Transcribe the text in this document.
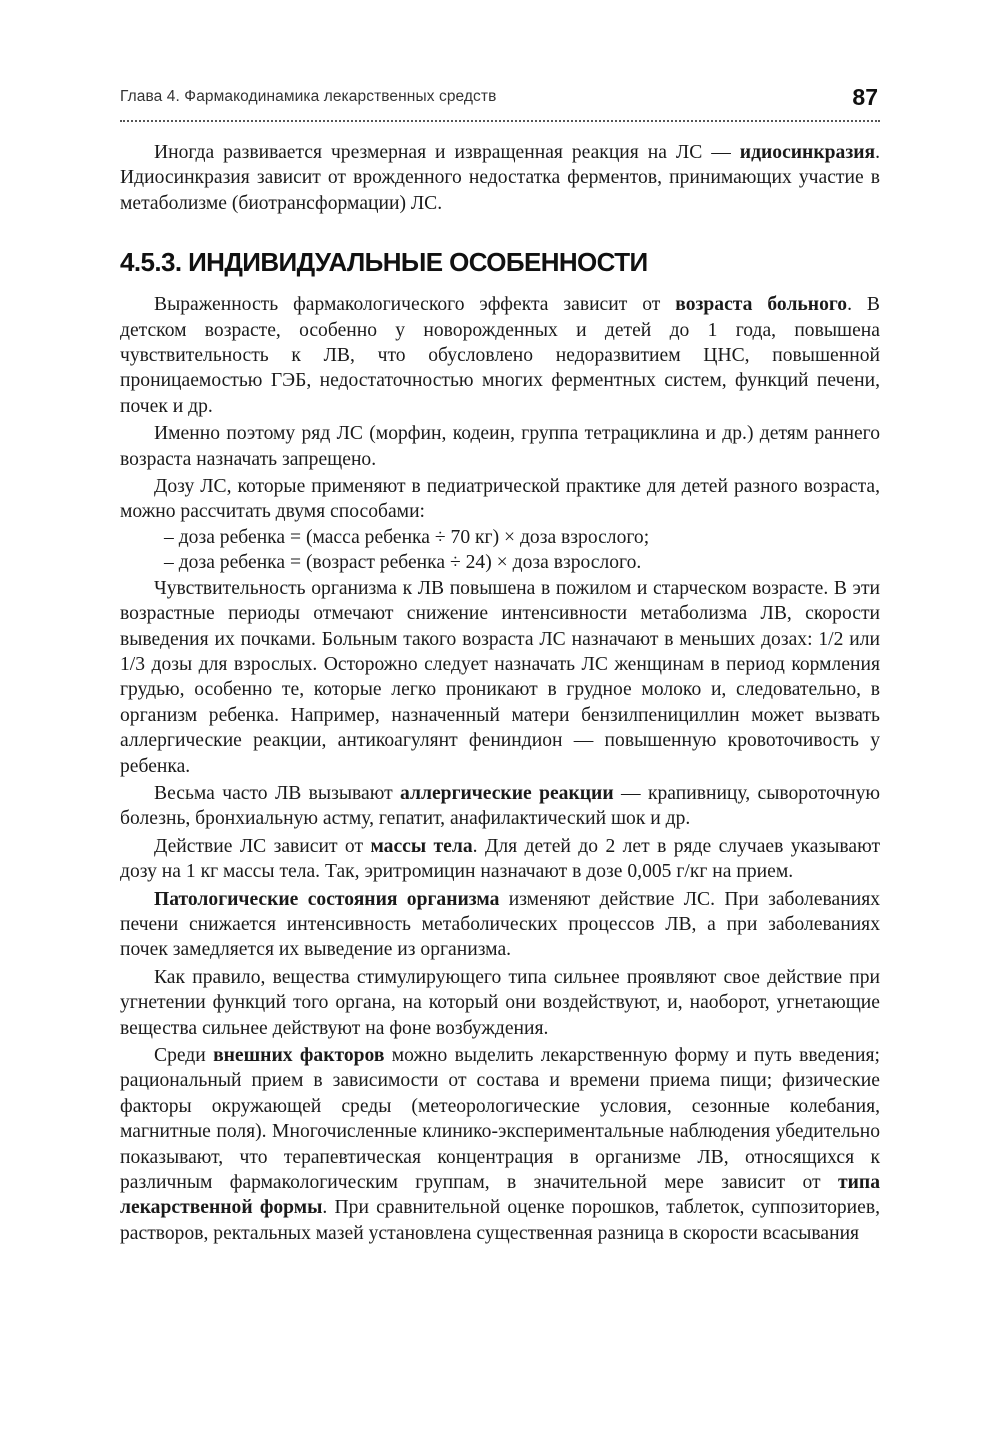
Глава 4. Фармакодинамика лекарственных средств	87

Иногда развивается чрезмерная и извращенная реакция на ЛС — идиосинкразия. Идиосинкразия зависит от врожденного недостатка ферментов, принимающих участие в метаболизме (биотрансформации) ЛС.

4.5.3. ИНДИВИДУАЛЬНЫЕ ОСОБЕННОСТИ

Выраженность фармакологического эффекта зависит от возраста больного. В детском возрасте, особенно у новорожденных и детей до 1 года, повышена чувствительность к ЛВ, что обусловлено недоразвитием ЦНС, повышенной проницаемостью ГЭБ, недостаточностью многих ферментных систем, функций печени, почек и др.

Именно поэтому ряд ЛС (морфин, кодеин, группа тетрациклина и др.) детям раннего возраста назначать запрещено.

Дозу ЛС, которые применяют в педиатрической практике для детей разного возраста, можно рассчитать двумя способами:

– доза ребенка = (масса ребенка ÷ 70 кг) × доза взрослого;

– доза ребенка = (возраст ребенка ÷ 24) × доза взрослого.

Чувствительность организма к ЛВ повышена в пожилом и старческом возрасте. В эти возрастные периоды отмечают снижение интенсивности метаболизма ЛВ, скорости выведения их почками. Больным такого возраста ЛС назначают в меньших дозах: 1/2 или 1/3 дозы для взрослых. Осторожно следует назначать ЛС женщинам в период кормления грудью, особенно те, которые легко проникают в грудное молоко и, следовательно, в организм ребенка. Например, назначенный матери бензилпенициллин может вызвать аллергические реакции, антикоагулянт фениндион — повышенную кровоточивость у ребенка.

Весьма часто ЛВ вызывают аллергические реакции — крапивницу, сывороточную болезнь, бронхиальную астму, гепатит, анафилактический шок и др.

Действие ЛС зависит от массы тела. Для детей до 2 лет в ряде случаев указывают дозу на 1 кг массы тела. Так, эритромицин назначают в дозе 0,005 г/кг на прием.

Патологические состояния организма изменяют действие ЛС. При заболеваниях печени снижается интенсивность метаболических процессов ЛВ, а при заболеваниях почек замедляется их выведение из организма.

Как правило, вещества стимулирующего типа сильнее проявляют свое действие при угнетении функций того органа, на который они воздействуют, и, наоборот, угнетающие вещества сильнее действуют на фоне возбуждения.

Среди внешних факторов можно выделить лекарственную форму и путь введения; рациональный прием в зависимости от состава и времени приема пищи; физические факторы окружающей среды (метеорологические условия, сезонные колебания, магнитные поля). Многочисленные клинико-экспериментальные наблюдения убедительно показывают, что терапевтическая концентрация в организме ЛВ, относящихся к различным фармакологическим группам, в значительной мере зависит от типа лекарственной формы. При сравнительной оценке порошков, таблеток, суппозиториев, растворов, ректальных мазей установлена существенная разница в скорости всасывания
